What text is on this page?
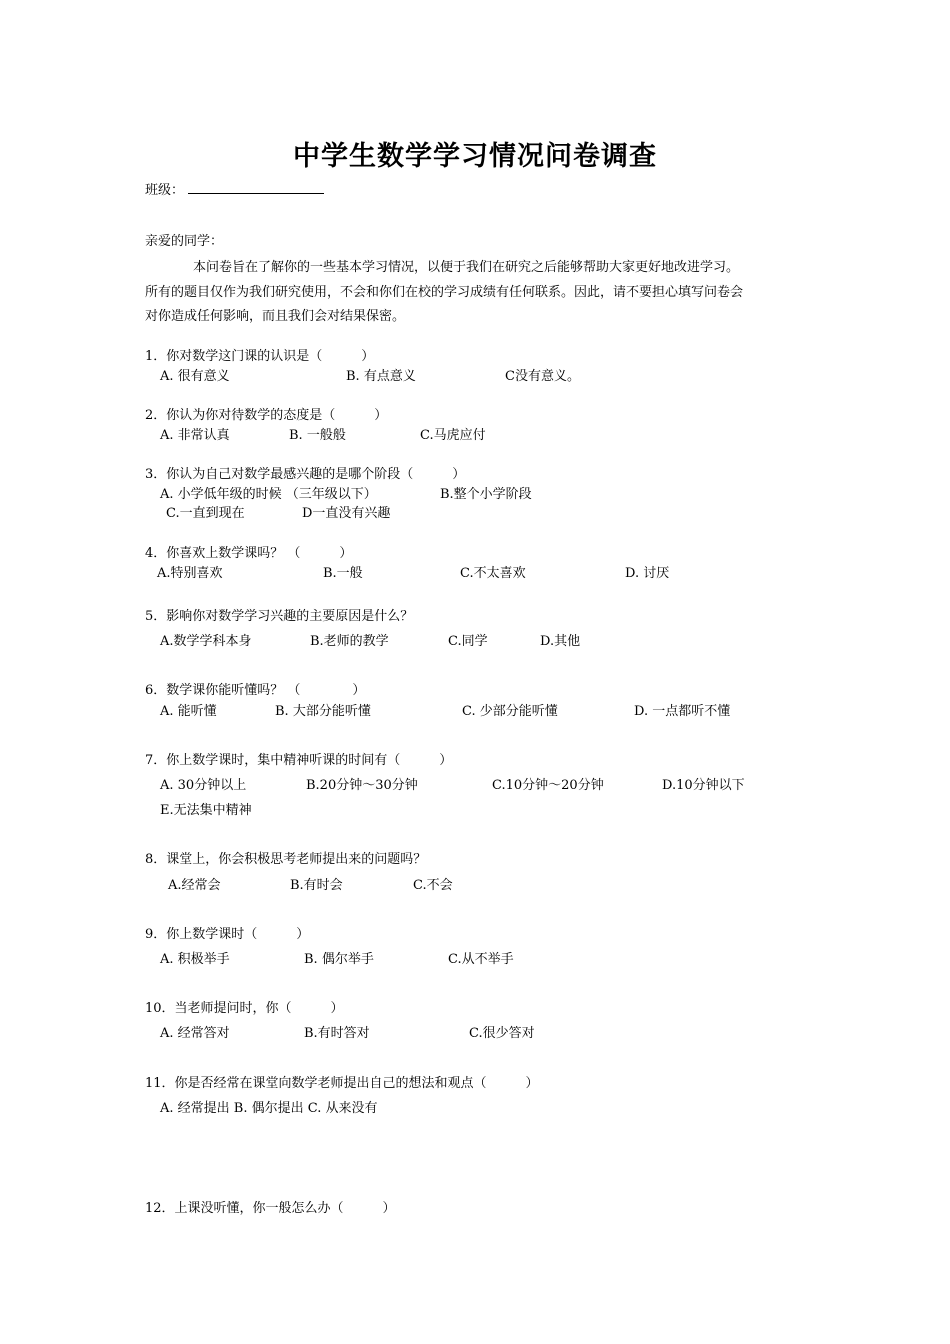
中学生数学学习情况问卷调查
班级：
亲爱的同学：
本问卷旨在了解你的一些基本学习情况，以便于我们在研究之后能够帮助大家更好地改进学习。
所有的题目仅作为我们研究使用，不会和你们在校的学习成绩有任何联系。因此，请不要担心填写问卷会
对你造成任何影响，而且我们会对结果保密。
1．你对数学这门课的认识是（　　　）
A. 很有意义	B. 有点意义	C没有意义。
2．你认为你对待数学的态度是（　　　）
A. 非常认真	B. 一般般	C.马虎应付
3．你认为自己对数学最感兴趣的是哪个阶段（　　　）
A. 小学低年级的时候 （三年级以下）	B.整个小学阶段
C.一直到现在	D一直没有兴趣
4．你喜欢上数学课吗？ （　　　）
A.特别喜欢	B.一般	C.不太喜欢	D. 讨厌
5．影响你对数学学习兴趣的主要原因是什么？
A.数学学科本身	B.老师的教学	C.同学	D.其他
6．数学课你能听懂吗？ （　　　　）
A. 能听懂	B. 大部分能听懂	C. 少部分能听懂	D. 一点都听不懂
7．你上数学课时，集中精神听课的时间有（　　　）
A. 30分钟以上	B.20分钟～30分钟	C.10分钟～20分钟	D.10分钟以下
E.无法集中精神
8．课堂上，你会积极思考老师提出来的问题吗？
A.经常会	B.有时会	C.不会
9．你上数学课时（　　　）
A. 积极举手	B. 偶尔举手	C.从不举手
10．当老师提问时，你（　　　）
A. 经常答对	B.有时答对	C.很少答对
11．你是否经常在课堂向数学老师提出自己的想法和观点（　　　）
A. 经常提出 B. 偶尔提出 C. 从来没有
12．上课没听懂，你一般怎么办（　　　）
